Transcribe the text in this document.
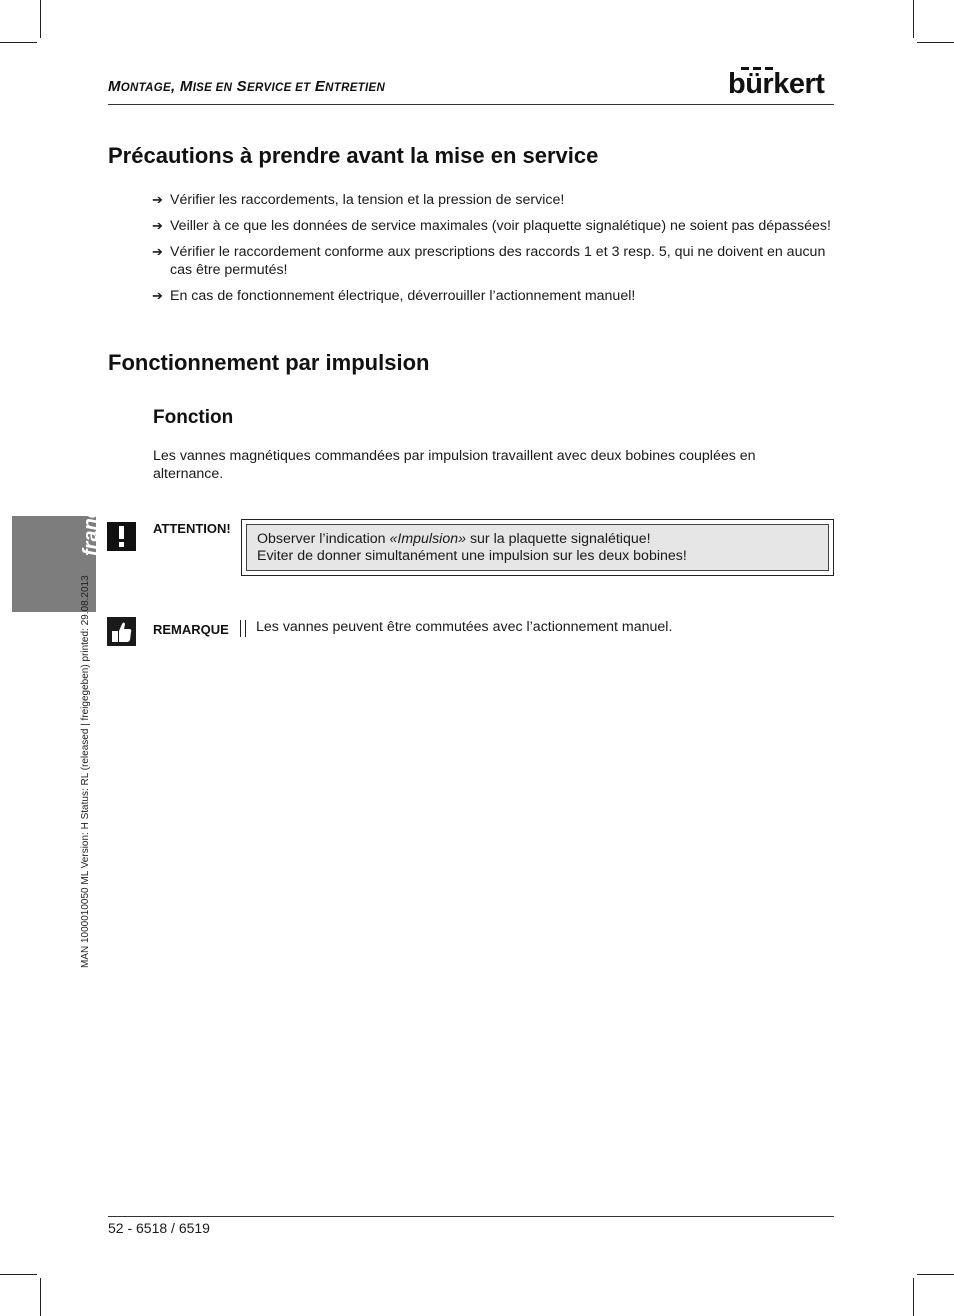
MONTAGE, MISE EN SERVICE ET ENTRETIEN	bürkert
Précautions à prendre avant la mise en service
➔ Vérifier les raccordements, la tension et la pression de service!
➔ Veiller à ce que les données de service maximales (voir plaquette signalétique) ne soient pas dépassées!
➔ Vérifier le raccordement conforme aux prescriptions des raccords 1 et 3 resp. 5, qui ne doivent en aucun cas être permutés!
➔ En cas de fonctionnement électrique, déverrouiller l’actionnement manuel!
Fonctionnement par impulsion
Fonction
Les vannes magnétiques commandées par impulsion travaillent avec deux bobines couplées en alternance.
français
MAN 1000010050 ML Version: H Status: RL (released | freigegeben) printed: 29.08.2013
ATTENTION!
Observer l’indication «Impulsion» sur la plaquette signalétique!
Eviter de donner simultanément une impulsion sur les deux bobines!
REMARQUE Les vannes peuvent être commutées avec l’actionnement manuel.
52 - 6518 / 6519
